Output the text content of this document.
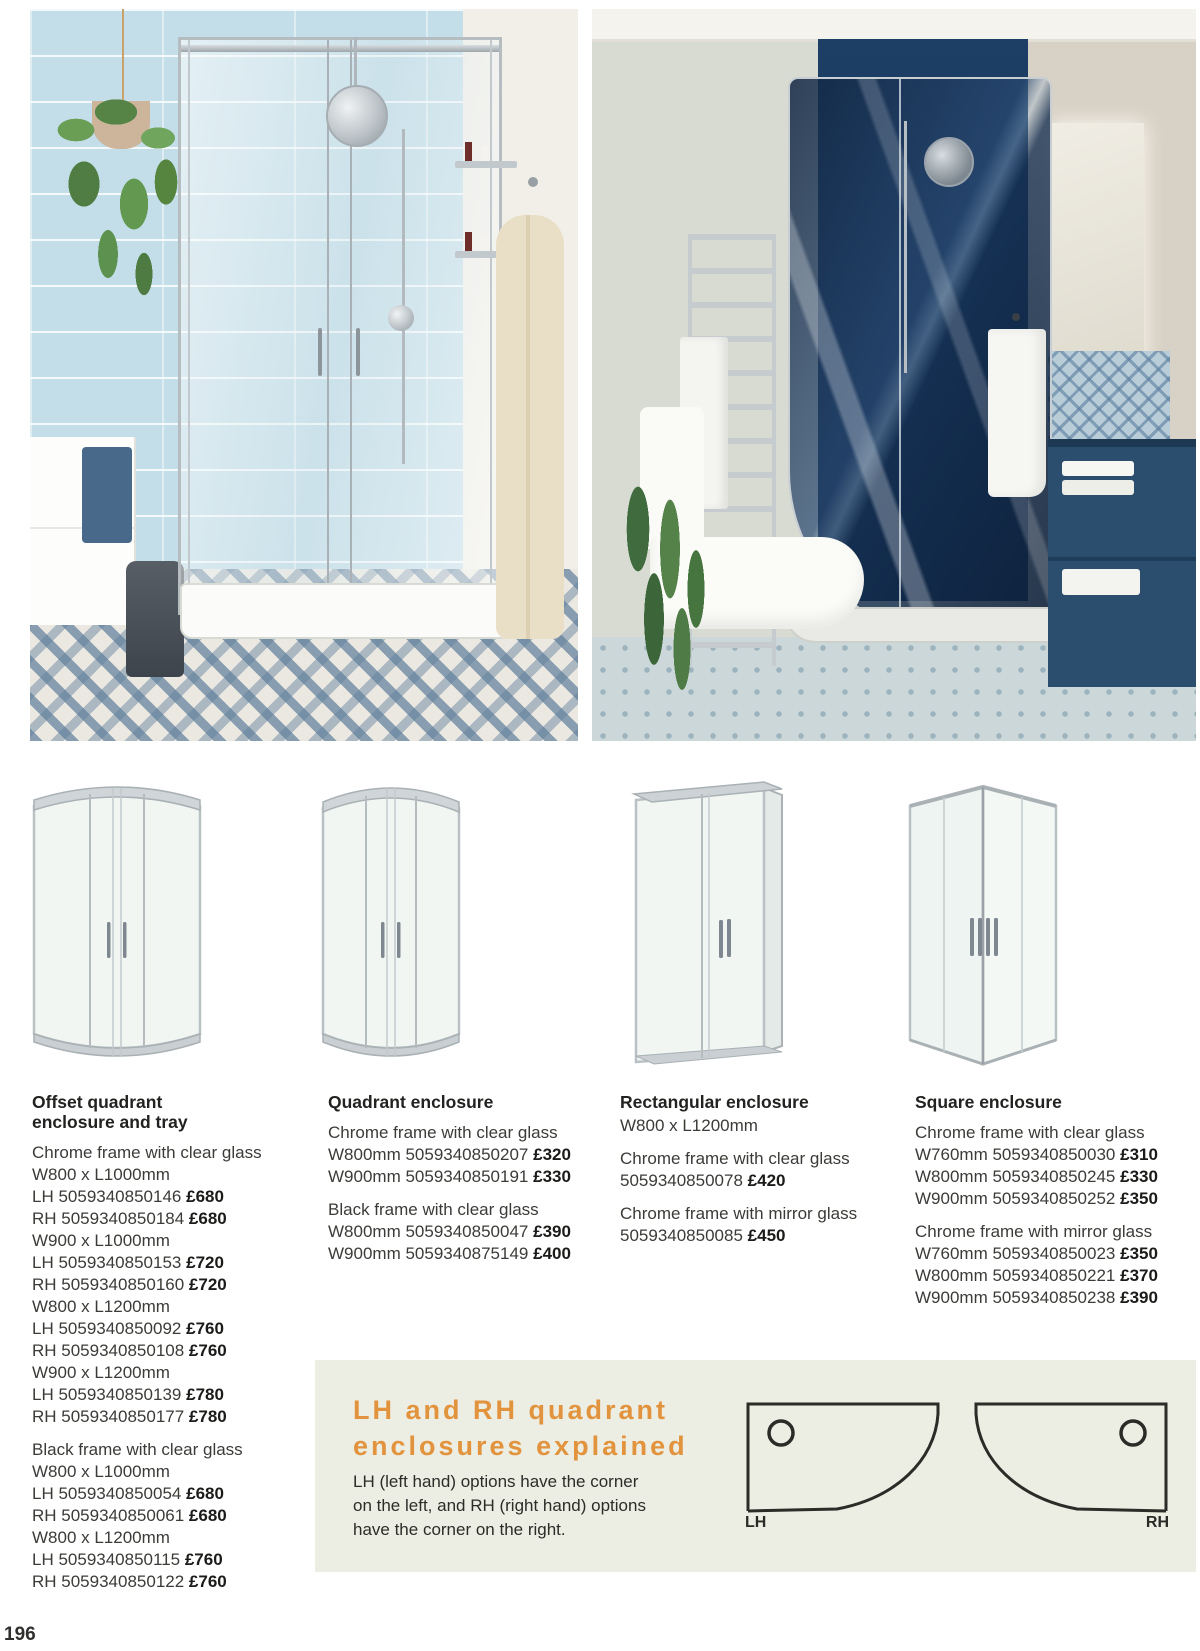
Offset quadrant
enclosure and tray

Chrome frame with clear glass
W800 x L1000mm
LH 5059340850146 £680
RH 5059340850184 £680
W900 x L1000mm
LH 5059340850153 £720
RH 5059340850160 £720
W800 x L1200mm
LH 5059340850092 £760
RH 5059340850108 £760
W900 x L1200mm
LH 5059340850139 £780
RH 5059340850177 £780

Black frame with clear glass
W800 x L1000mm
LH 5059340850054 £680
RH 5059340850061 £680
W800 x L1200mm
LH 5059340850115 £760
RH 5059340850122 £760

Quadrant enclosure

Chrome frame with clear glass
W800mm 5059340850207 £320
W900mm 5059340850191 £330

Black frame with clear glass
W800mm 5059340850047 £390
W900mm 5059340875149 £400

Rectangular enclosure

W800 x L1200mm

Chrome frame with clear glass
5059340850078 £420

Chrome frame with mirror glass
5059340850085 £450

Square enclosure

Chrome frame with clear glass
W760mm 5059340850030 £310
W800mm 5059340850245 £330
W900mm 5059340850252 £350

Chrome frame with mirror glass
W760mm 5059340850023 £350
W800mm 5059340850221 £370
W900mm 5059340850238 £390

LH and RH quadrant
enclosures explained
LH (left hand) options have the corner
on the left, and RH (right hand) options
have the corner on the right.	LH	RH
196
